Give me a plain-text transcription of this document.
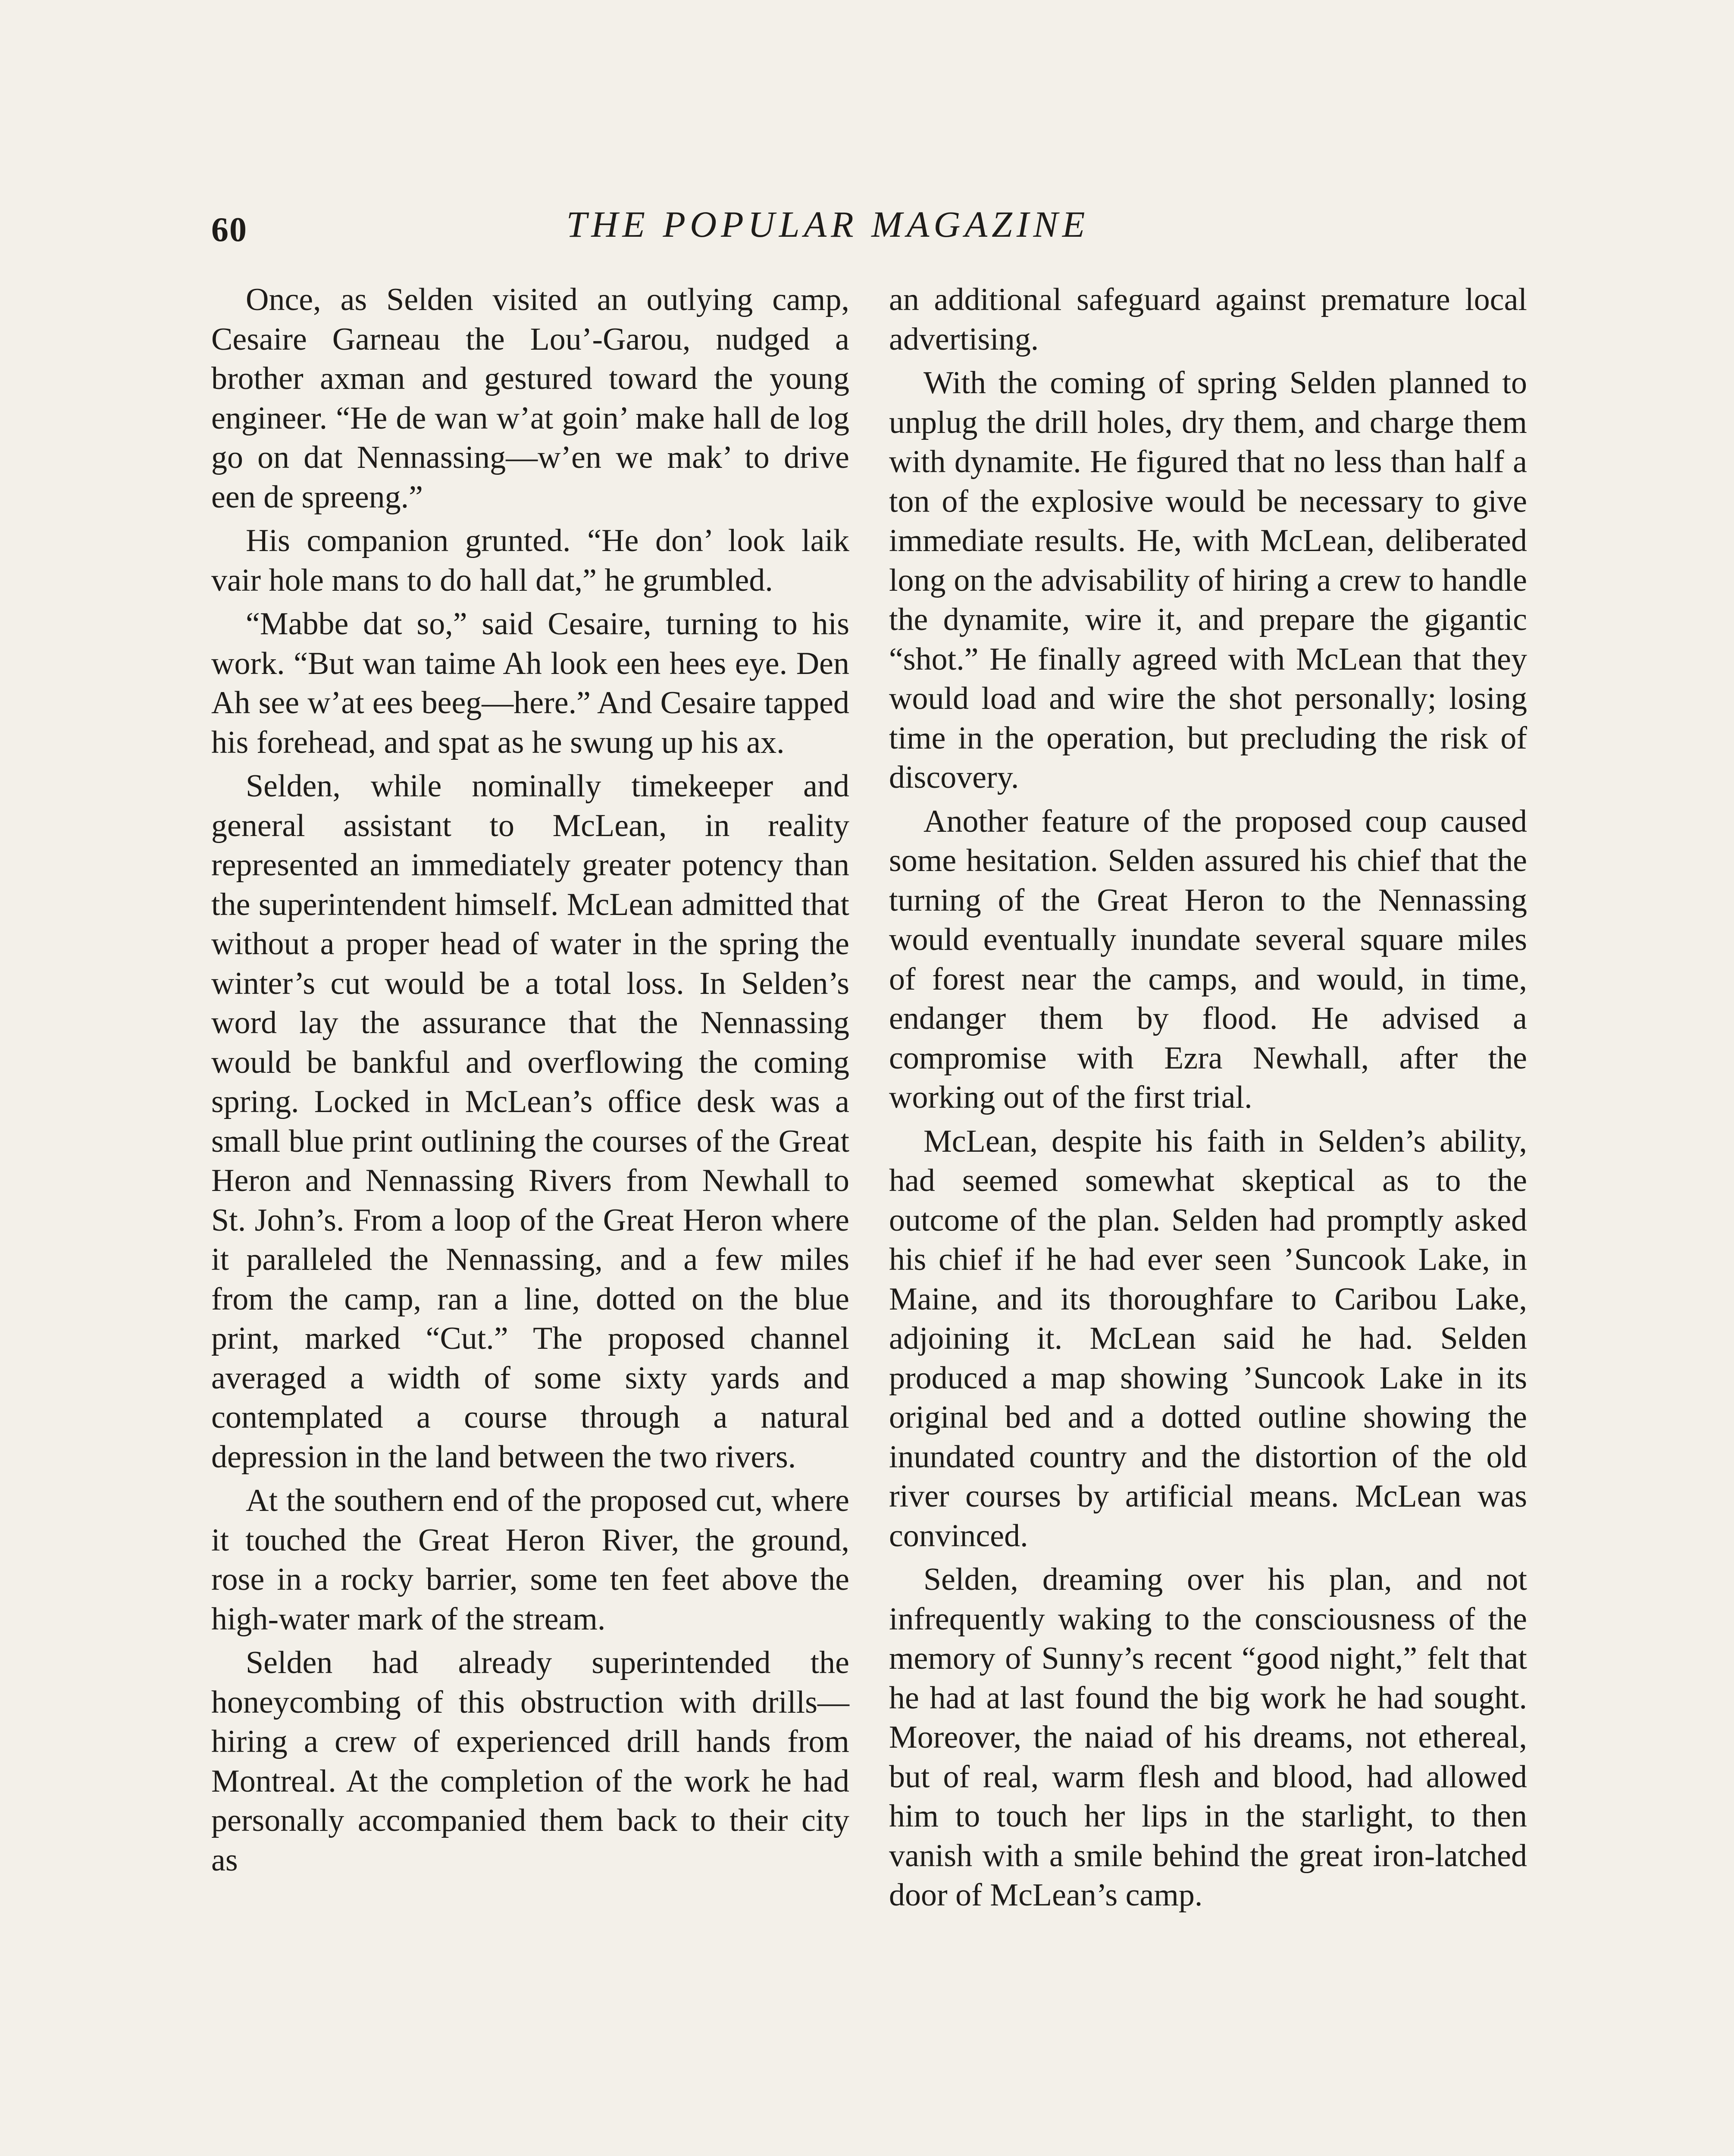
60	THE POPULAR MAGAZINE

Once, as Selden visited an outlying camp, Cesaire Garneau the Lou’-Garou, nudged a brother axman and gestured toward the young engineer. “He de wan w’at goin’ make hall de log go on dat Nennassing—w’en we mak’ to drive een de spreeng.”

His companion grunted. “He don’ look laik vair hole mans to do hall dat,” he grumbled.

“Mabbe dat so,” said Cesaire, turning to his work. “But wan taime Ah look een hees eye. Den Ah see w’at ees beeg—here.” And Cesaire tapped his forehead, and spat as he swung up his ax.

Selden, while nominally timekeeper and general assistant to McLean, in reality represented an immediately greater potency than the superintendent himself. McLean admitted that without a proper head of water in the spring the winter’s cut would be a total loss. In Selden’s word lay the assurance that the Nennassing would be bankful and overflowing the coming spring. Locked in McLean’s office desk was a small blue print outlining the courses of the Great Heron and Nennassing Rivers from Newhall to St. John’s. From a loop of the Great Heron where it paralleled the Nennassing, and a few miles from the camp, ran a line, dotted on the blue print, marked “Cut.” The proposed channel averaged a width of some sixty yards and contemplated a course through a natural depression in the land between the two rivers.

At the southern end of the proposed cut, where it touched the Great Heron River, the ground, rose in a rocky barrier, some ten feet above the high-water mark of the stream.

Selden had already superintended the honeycombing of this obstruction with drills—hiring a crew of experienced drill hands from Montreal. At the completion of the work he had personally accompanied them back to their city as

an additional safeguard against premature local advertising.

With the coming of spring Selden planned to unplug the drill holes, dry them, and charge them with dynamite. He figured that no less than half a ton of the explosive would be necessary to give immediate results. He, with McLean, deliberated long on the advisability of hiring a crew to handle the dynamite, wire it, and prepare the gigantic “shot.” He finally agreed with McLean that they would load and wire the shot personally; losing time in the operation, but precluding the risk of discovery.

Another feature of the proposed coup caused some hesitation. Selden assured his chief that the turning of the Great Heron to the Nennassing would eventually inundate several square miles of forest near the camps, and would, in time, endanger them by flood. He advised a compromise with Ezra Newhall, after the working out of the first trial.

McLean, despite his faith in Selden’s ability, had seemed somewhat skeptical as to the outcome of the plan. Selden had promptly asked his chief if he had ever seen ’Suncook Lake, in Maine, and its thoroughfare to Caribou Lake, adjoining it. McLean said he had. Selden produced a map showing ’Suncook Lake in its original bed and a dotted outline showing the inundated country and the distortion of the old river courses by artificial means. McLean was convinced.

Selden, dreaming over his plan, and not infrequently waking to the consciousness of the memory of Sunny’s recent “good night,” felt that he had at last found the big work he had sought. Moreover, the naiad of his dreams, not ethereal, but of real, warm flesh and blood, had allowed him to touch her lips in the starlight, to then vanish with a smile behind the great iron-latched door of McLean’s camp.
